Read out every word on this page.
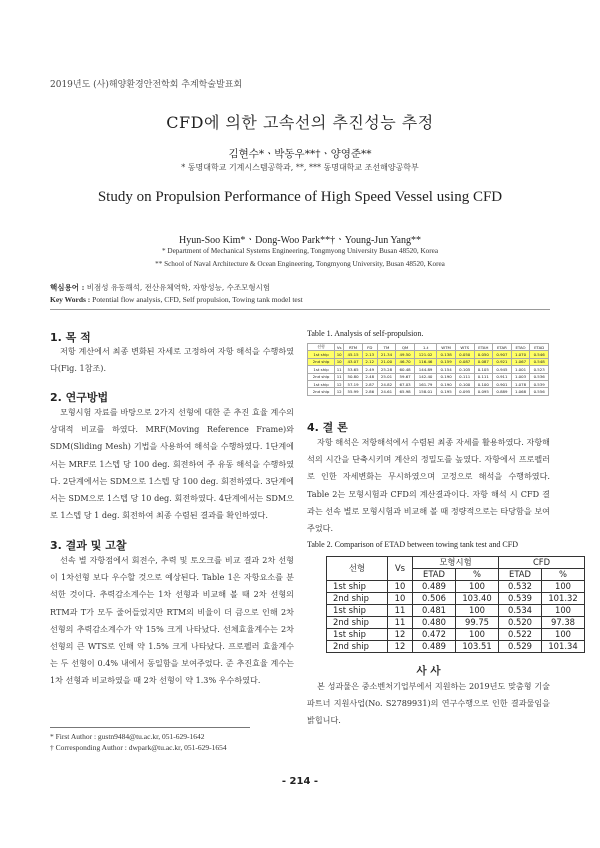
2019년도 (사)해양환경안전학회 추계학술발표회
CFD에 의한 고속선의 추진성능 추정
김현수*ㆍ박동우**†ㆍ양영준**
* 동명대학교 기계시스템공학과, **, *** 동명대학교 조선해양공학부
Study on Propulsion Performance of High Speed Vessel using CFD
Hyun-Soo Kim*ㆍDong-Woo Park**†ㆍYoung-Jun Yang**
* Department of Mechanical Systems Engineering, Tongmyong University Busan 48520, Korea
** School of Naval Architecture & Ocean Engineering, Tongmyong University, Busan 48520, Korea
핵심용어 : 비점성 유동해석, 전산유체역학, 자항성능, 수조모형시험
Key Words : Potential flow analysis, CFD, Self propulsion, Towing tank model test
1. 목 적
저항 계산에서 최종 변화된 자세로 고정하여 자항 해석을 수행하였다(Fig. 1참조).
2. 연구방법
모형시험 자료를 바탕으로 2가지 선형에 대한 준 추진 효율 계수의 상대적 비교를 하였다. MRF(Moving Reference Frame)와 SDM(Sliding Mesh) 기법을 사용하여 해석을 수행하였다. 1단계에서는 MRF로 1스텝 당 100 deg. 회전하여 주 유동 해석을 수행하였다. 2단계에서는 SDM으로 1스텝 당 100 deg. 회전하였다. 3단계에서는 SDM으로 1스텝 당 10 deg. 회전하였다. 4단계에서는 SDM으로 1스텝 당 1 deg. 회전하여 최종 수렴된 결과를 확인하였다.
3. 결과 및 고찰
선속 별 자항점에서 회전수, 추력 및 토오크를 비교 결과 2차 선형이 1차선형 보다 우수할 것으로 예상된다. Table 1은 자항요소를 분석한 것이다. 추력감소계수는 1차 선형과 비교해 볼 때 2차 선형의 RTM과 T가 모두 줄어들었지만 RTM의 비율이 더 큼으로 인해 2차 선형의 추력감소계수가 약 15% 크게 나타났다. 선체효율계수는 2차 선형의 큰 WTS로 인해 약 1.5% 크게 나타났다. 프로펠러 효율계수는 두 선형이 0.4% 내에서 동일함을 보여주었다. 준 추진효율 계수는 1차 선형과 비교하였을 때 2차 선형이 약 1.3% 우수하였다.
* First Author : gustn9484@tu.ac.kr, 051-629-1642
† Corresponding Author : dwpark@tu.ac.kr, 051-629-1654
Table 1. Analysis of self-propulsion.
선형	Vs	RTM	FD	TM	QM	1-t	WTM	WTS	ETAH	ETAR	ETAO	ETAD
1st ship	10	45.15	2.13	21.34	49.50	121.02	0.138	0.050	0.050	0.907	1.070	0.546
2nd ship	10	43.07	2.12	21.00	46.70	116.46	0.159	0.087	0.087	0.921	1.067	0.548
1st ship	11	53.65	2.49	25.28	60.48	144.89	0.154	0.105	0.105	0.945	1.001	0.523
2nd ship	11	50.80	2.48	25.01	59.67	142.40	0.190	0.111	0.111	0.911	1.003	0.536
1st ship	12	57.19	2.87	24.82	67.03	161.79	0.190	0.100	0.100	0.901	1.078	0.539
2nd ship	12	55.99	2.86	24.61	65.98	158.01	0.195	0.095	0.095	0.889	1.068	0.556
4. 결 론
자항 해석은 저항해석에서 수렴된 최종 자세를 활용하였다. 자항해석의 시간을 단축시키며 계산의 정밀도를 높였다. 자항에서 프로펠러로 인한 자세변화는 무시하였으며 고정으로 해석을 수행하였다. Table 2는 모형시험과 CFD의 계산결과이다. 자항 해석 시 CFD 결과는 선속 별로 모형시험과 비교해 볼 때 정량적으로는 타당함을 보여주었다.
Table 2. Comparison of ETAD between towing tank test and CFD
선형	Vs	모형시험		CFD	
		ETAD	%	ETAD	%
1st ship	10	0.489	100	0.532	100
2nd ship	10	0.506	103.40	0.539	101.32
1st ship	11	0.481	100	0.534	100
2nd ship	11	0.480	99.75	0.520	97.38
1st ship	12	0.472	100	0.522	100
2nd ship	12	0.489	103.51	0.529	101.34
사 사
본 성과물은 중소벤처기업부에서 지원하는 2019년도 맞춤형 기술파트너 지원사업(No. S2789931)의 연구수행으로 인한 결과물임을 밝힙니다.
- 214 -
